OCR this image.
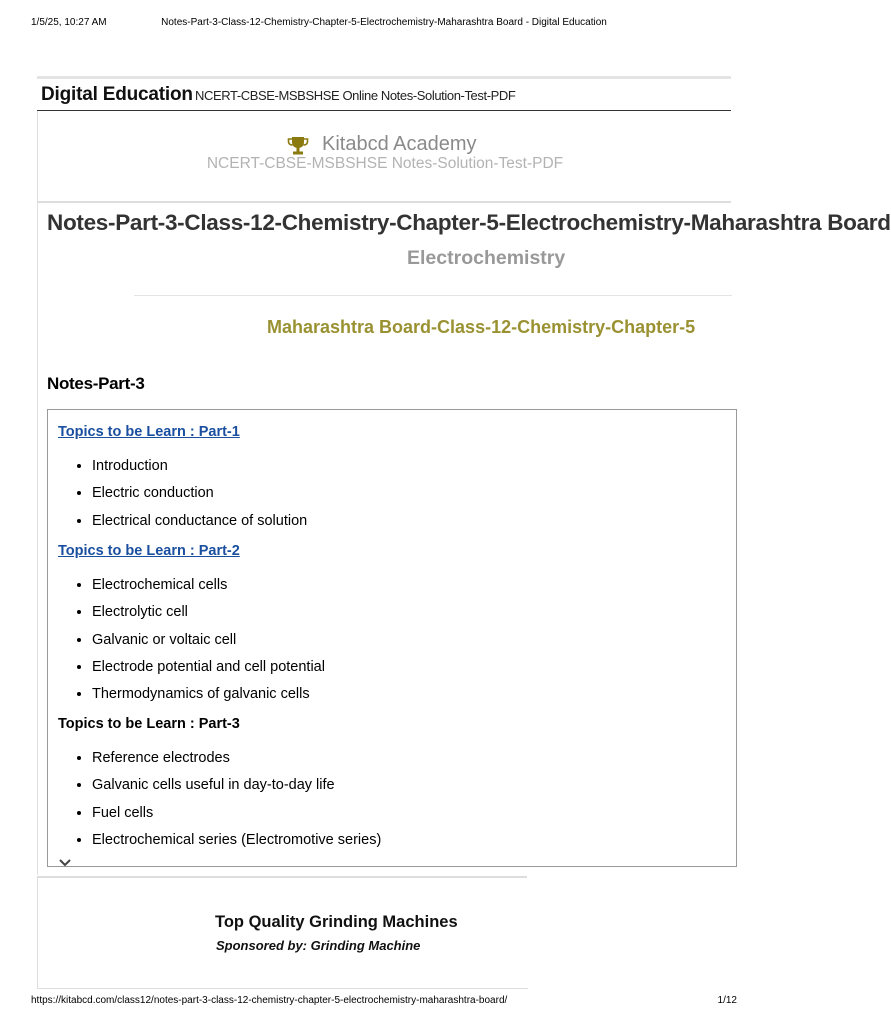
1/5/25, 10:27 AM	Notes-Part-3-Class-12-Chemistry-Chapter-5-Electrochemistry-Maharashtra Board - Digital Education
Digital Education NCERT-CBSE-MSBSHSE Online Notes-Solution-Test-PDF
Kitabcd Academy
NCERT-CBSE-MSBSHSE Notes-Solution-Test-PDF
Notes-Part-3-Class-12-Chemistry-Chapter-5-Electrochemistry-Maharashtra Board
Electrochemistry
Maharashtra Board-Class-12-Chemistry-Chapter-5
Notes-Part-3
Topics to be Learn : Part-1
• Introduction
• Electric conduction
• Electrical conductance of solution
Topics to be Learn : Part-2
• Electrochemical cells
• Electrolytic cell
• Galvanic or voltaic cell
• Electrode potential and cell potential
• Thermodynamics of galvanic cells
Topics to be Learn : Part-3
• Reference electrodes
• Galvanic cells useful in day-to-day life
• Fuel cells
• Electrochemical series (Electromotive series)
Top Quality Grinding Machines
Sponsored by: Grinding Machine
https://kitabcd.com/class12/notes-part-3-class-12-chemistry-chapter-5-electrochemistry-maharashtra-board/	1/12
